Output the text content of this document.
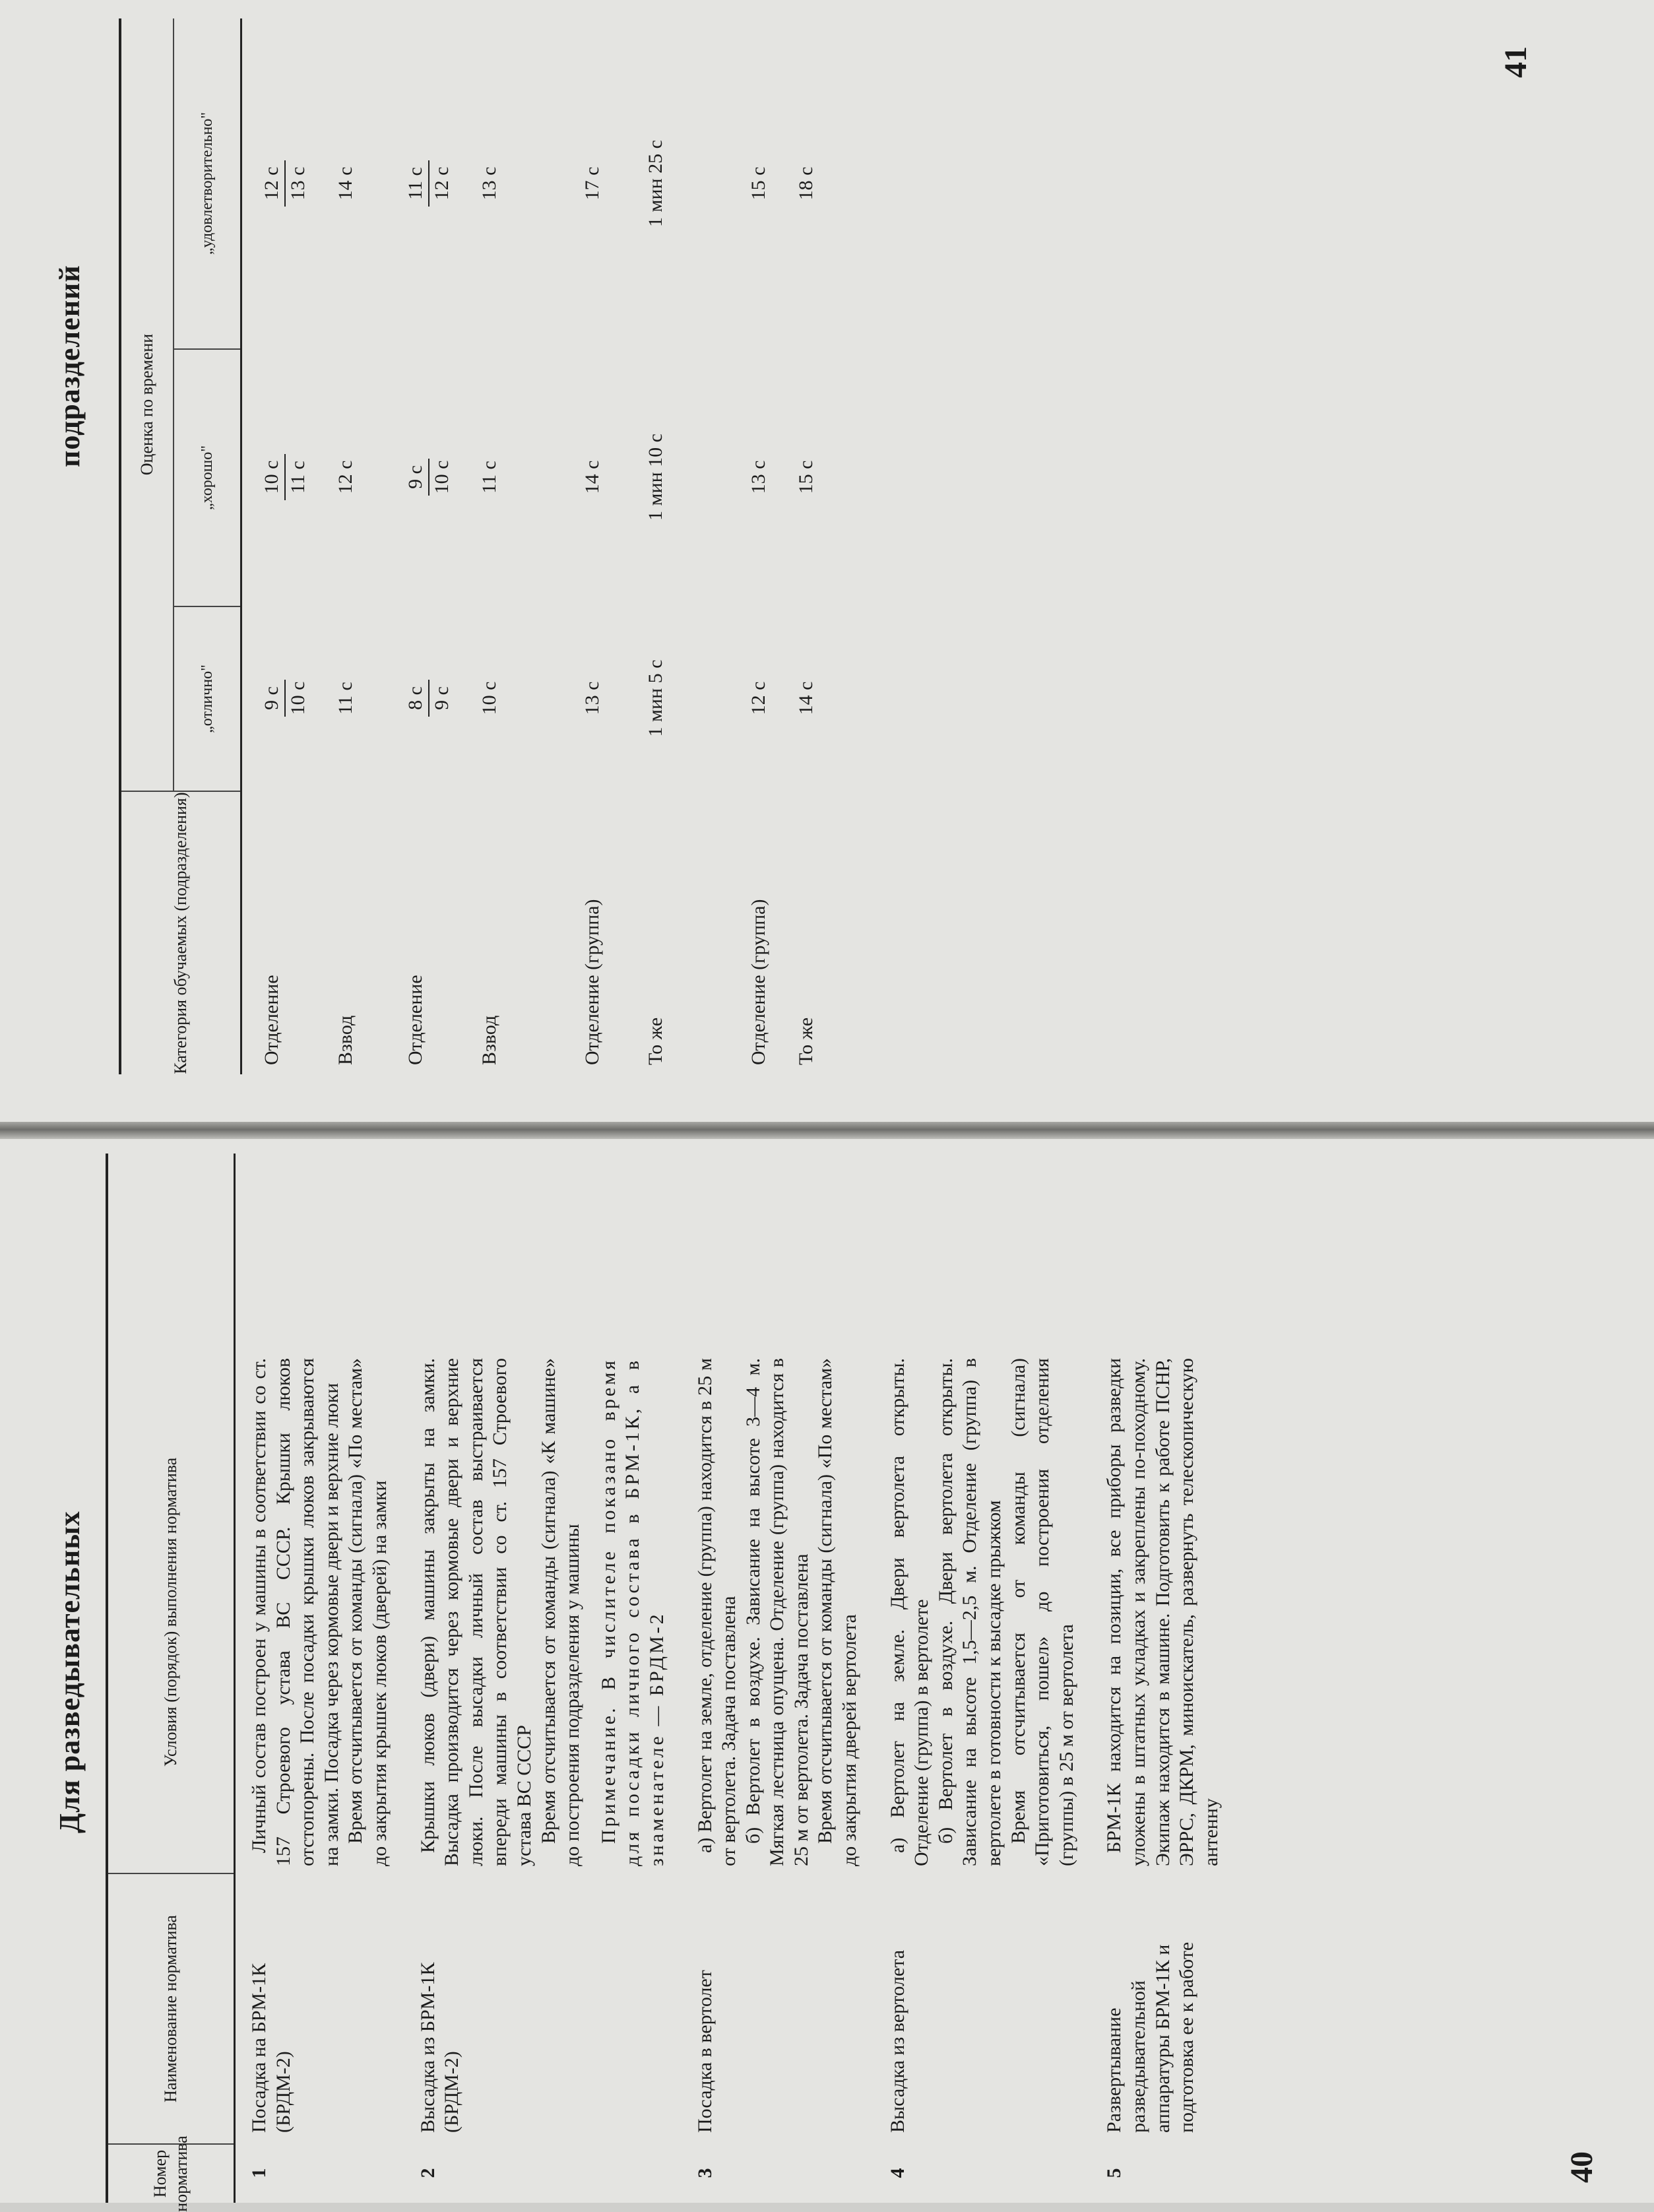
Для разведывательных
Номер норматива
Наименование норматива
Условия (порядок) выполнения норматива
1
Посадка на БРМ-1К (БРДМ-2)

Личный состав построен у машины в соответствии со ст. 157 Строевого устава ВС СССР. Крышки люков отстопорены. После посадки крышки люков закрываются на замки. Посадка через кормовые двери и верхние люки Время отсчитывается от команды (сигнала) «По местам» до закрытия крышек люков (дверей) на замки

2
Высадка из БРМ-1К (БРДМ-2)

Крышки люков (двери) машины закрыты на замки. Высадка производится через кормовые двери и верхние люки. После высадки личный состав выстраивается впереди машины в соответствии со ст. 157 Строевого устава ВС СССР Время отсчитывается от команды (сигнала) «К машине» до построения подразделения у машины Примечание. В числителе показано время для посадки личного состава в БРМ-1К, а в знаменателе — БРДМ-2

3
Посадка в вертолет

а) Вертолет на земле, отделение (группа) находится в 25 м от вертолета. Задача поставлена б) Вертолет в воздухе. Зависание на высоте 3—4 м. Мягкая лестница опущена. Отделение (группа) находится в 25 м от вертолета. Задача поставлена Время отсчитывается от команды (сигнала) «По местам» до закрытия дверей вертолета

4
Высадка из вертолета

а) Вертолет на земле. Двери вертолета открыты. Отделение (группа) в вертолете б) Вертолет в воздухе. Двери вертолета открыты. Зависание на высоте 1,5—2,5 м. Отделение (группа) в вертолете в готовности к высадке прыжком Время отсчитывается от команды (сигнала) «Приготовиться, пошел» до построения отделения (группы) в 25 м от вертолета

5
Развертывание разведывательной аппаратуры БРМ-1К и подготовка ее к работе

БРМ-1К находится на позиции, все приборы разведки уложены в штатных укладках и закреплены по-походному. Экипаж находится в машине. Подготовить к работе ПСНР, ЭРРС, ДКРМ, миноискатель, развернуть телескопическую антенну

40
подразделений
Категория обучаемых (подразделения)
Оценка по времени
„отлично"
„хорошо"
„удовлетворительно"
Отделение
9 с 10 с
10 с 11 с
12 с 13 с
Взвод
11 с
12 с
14 с
Отделение
8 с 9 с
9 с 10 с
11 с 12 с
Взвод
10 с
11 с
13 с
Отделение (группа)
13 с
14 с
17 с
То же
1 мин 5 с
1 мин 10 с
1 мин 25 с
Отделение (группа)
12 с
13 с
15 с
То же
14 с
15 с
18 с
41
